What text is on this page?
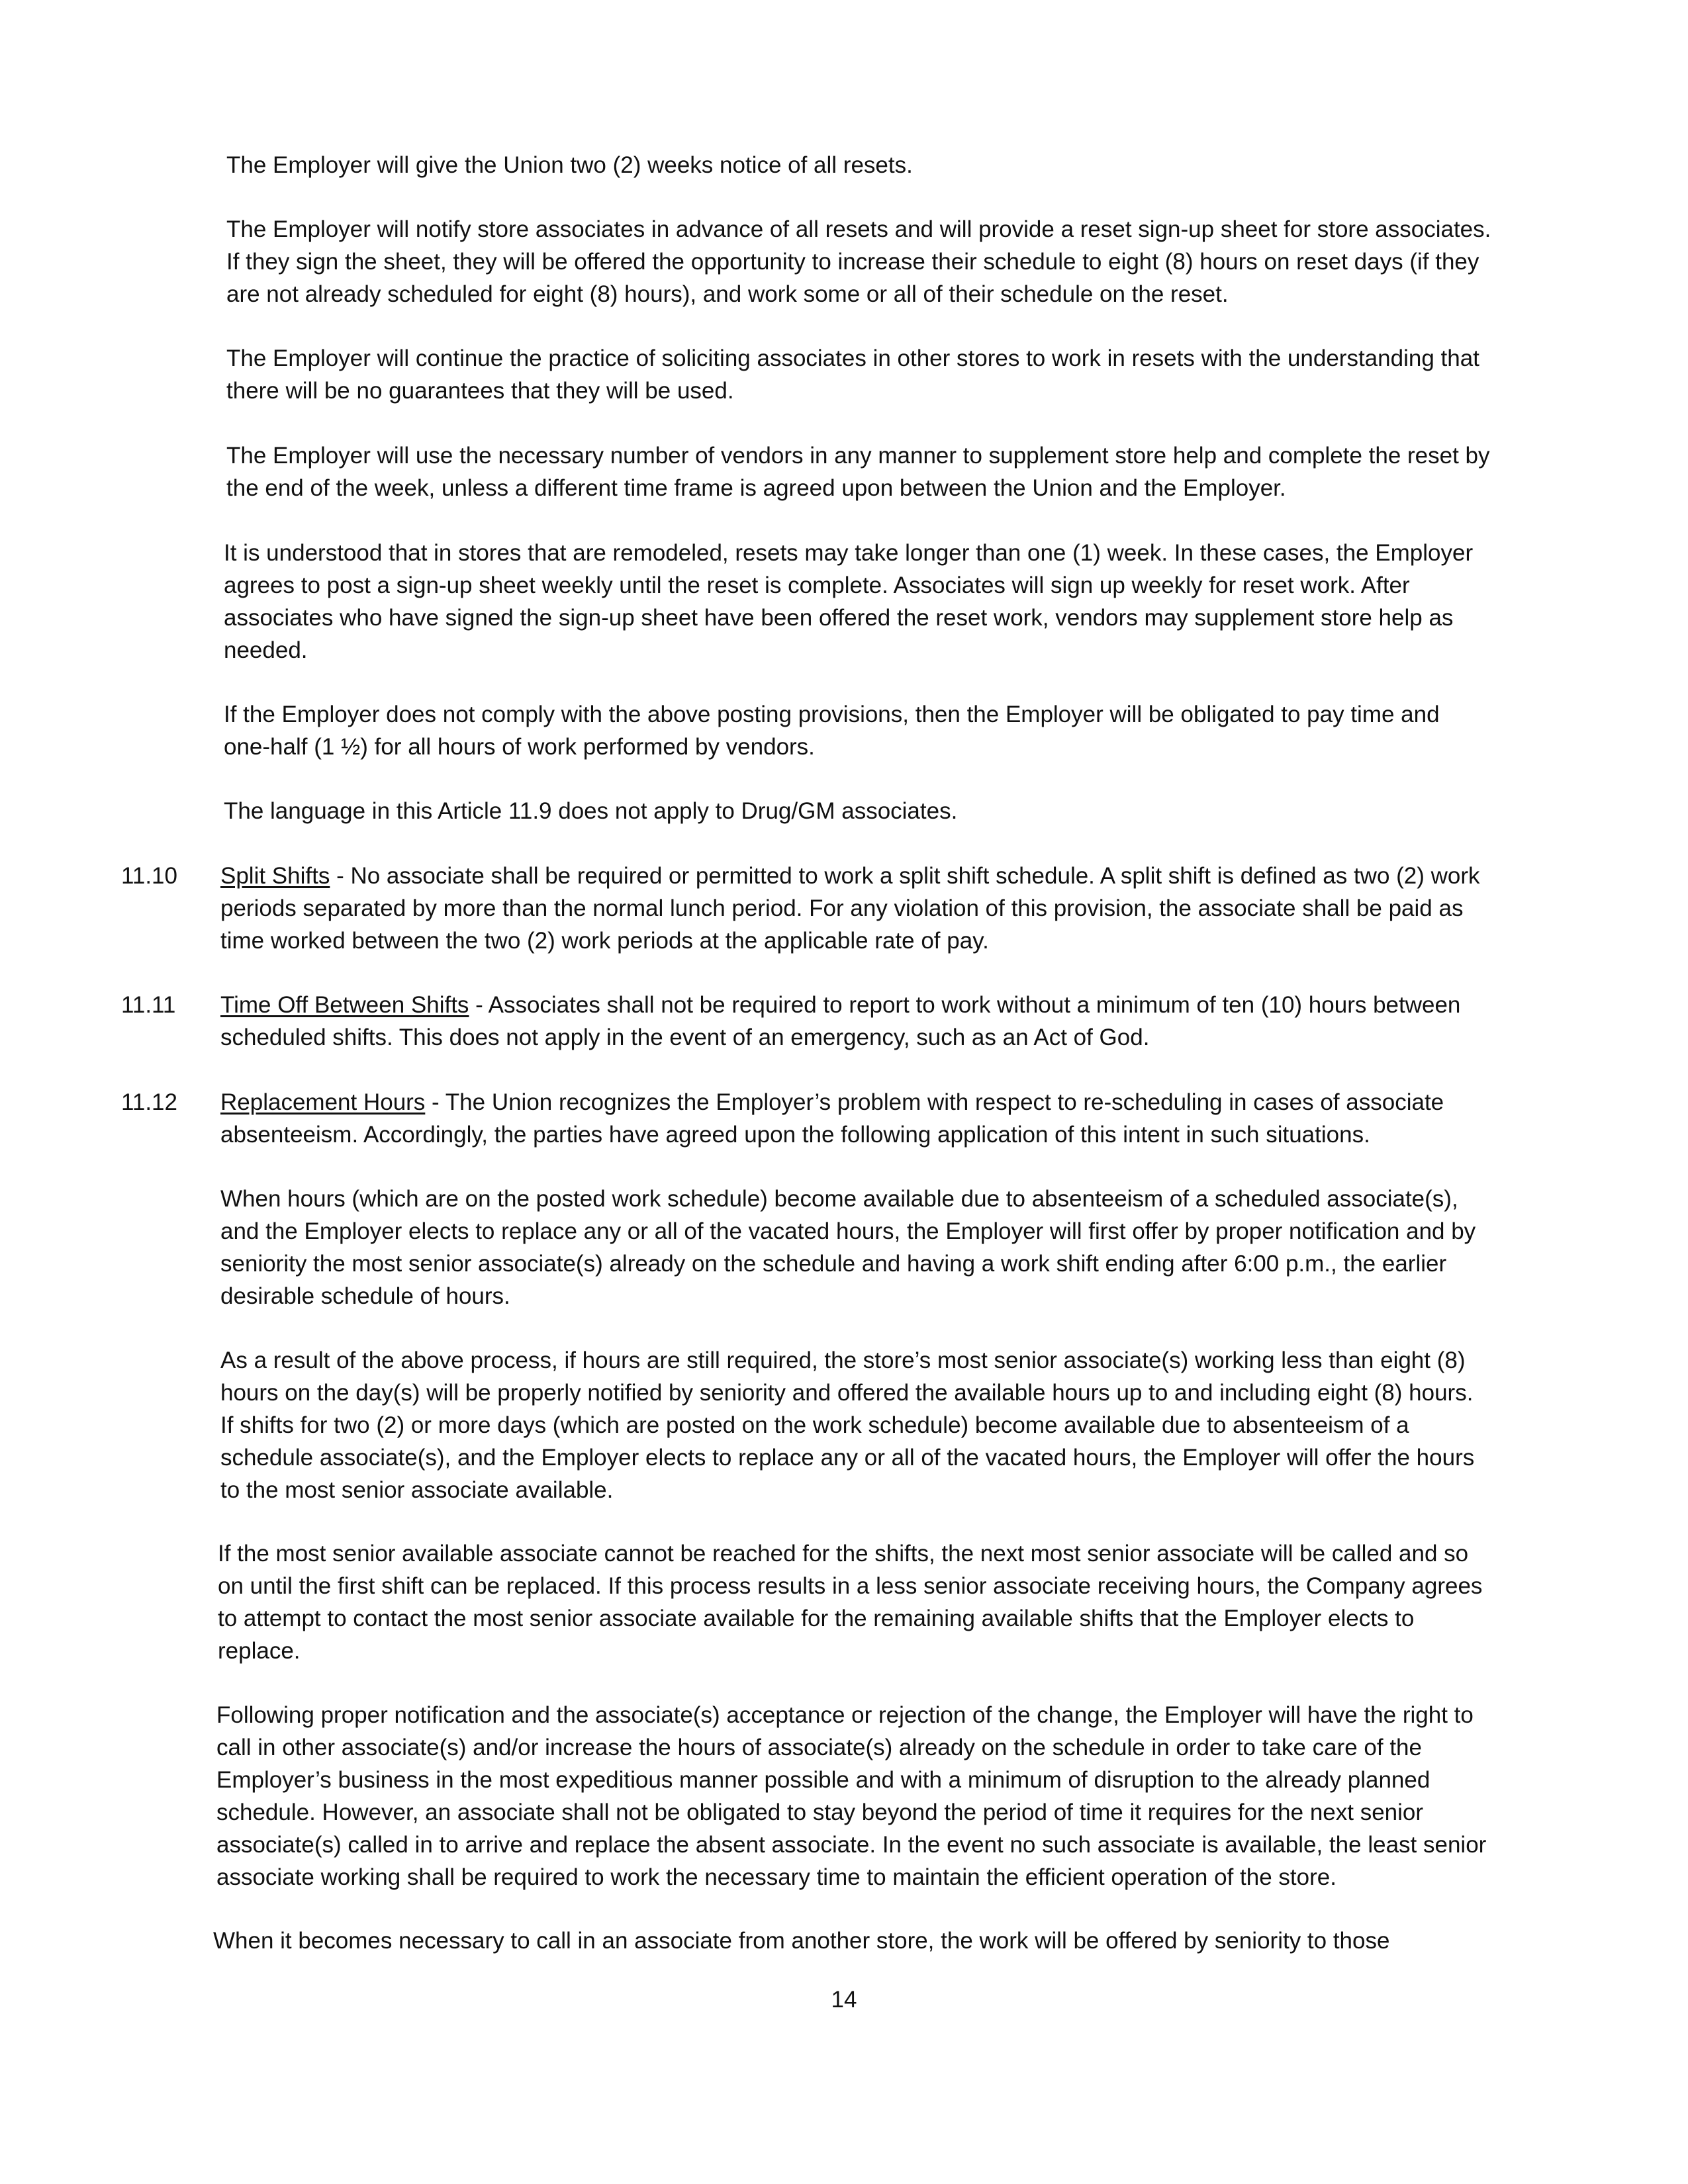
The Employer will give the Union two (2) weeks notice of all resets.
The Employer will notify store associates in advance of all resets and will provide a reset sign-up sheet for store associates.
If they sign the sheet, they will be offered the opportunity to increase their schedule to eight (8) hours on reset days (if they
are not already scheduled for eight (8) hours), and work some or all of their schedule on the reset.
The Employer will continue the practice of soliciting associates in other stores to work in resets with the understanding that
there will be no guarantees that they will be used.
The Employer will use the necessary number of vendors in any manner to supplement store help and complete the reset by
the end of the week, unless a different time frame is agreed upon between the Union and the Employer.
It is understood that in stores that are remodeled, resets may take longer than one (1) week. In these cases, the Employer
agrees to post a sign-up sheet weekly until the reset is complete. Associates will sign up weekly for reset work. After
associates who have signed the sign-up sheet have been offered the reset work, vendors may supplement store help as
needed.
If the Employer does not comply with the above posting provisions, then the Employer will be obligated to pay time and
one-half (1 ½) for all hours of work performed by vendors.
The language in this Article 11.9 does not apply to Drug/GM associates.
11.10 Split Shifts - No associate shall be required or permitted to work a split shift schedule. A split shift is defined as two (2) work
periods separated by more than the normal lunch period. For any violation of this provision, the associate shall be paid as
time worked between the two (2) work periods at the applicable rate of pay.
11.11 Time Off Between Shifts - Associates shall not be required to report to work without a minimum of ten (10) hours between
scheduled shifts. This does not apply in the event of an emergency, such as an Act of God.
11.12 Replacement Hours - The Union recognizes the Employer’s problem with respect to re-scheduling in cases of associate
absenteeism. Accordingly, the parties have agreed upon the following application of this intent in such situations.
When hours (which are on the posted work schedule) become available due to absenteeism of a scheduled associate(s),
and the Employer elects to replace any or all of the vacated hours, the Employer will first offer by proper notification and by
seniority the most senior associate(s) already on the schedule and having a work shift ending after 6:00 p.m., the earlier
desirable schedule of hours.
As a result of the above process, if hours are still required, the store’s most senior associate(s) working less than eight (8)
hours on the day(s) will be properly notified by seniority and offered the available hours up to and including eight (8) hours.
If shifts for two (2) or more days (which are posted on the work schedule) become available due to absenteeism of a
schedule associate(s), and the Employer elects to replace any or all of the vacated hours, the Employer will offer the hours
to the most senior associate available.
If the most senior available associate cannot be reached for the shifts, the next most senior associate will be called and so
on until the first shift can be replaced. If this process results in a less senior associate receiving hours, the Company agrees
to attempt to contact the most senior associate available for the remaining available shifts that the Employer elects to
replace.
Following proper notification and the associate(s) acceptance or rejection of the change, the Employer will have the right to
call in other associate(s) and/or increase the hours of associate(s) already on the schedule in order to take care of the
Employer’s business in the most expeditious manner possible and with a minimum of disruption to the already planned
schedule. However, an associate shall not be obligated to stay beyond the period of time it requires for the next senior
associate(s) called in to arrive and replace the absent associate. In the event no such associate is available, the least senior
associate working shall be required to work the necessary time to maintain the efficient operation of the store.
When it becomes necessary to call in an associate from another store, the work will be offered by seniority to those
14
